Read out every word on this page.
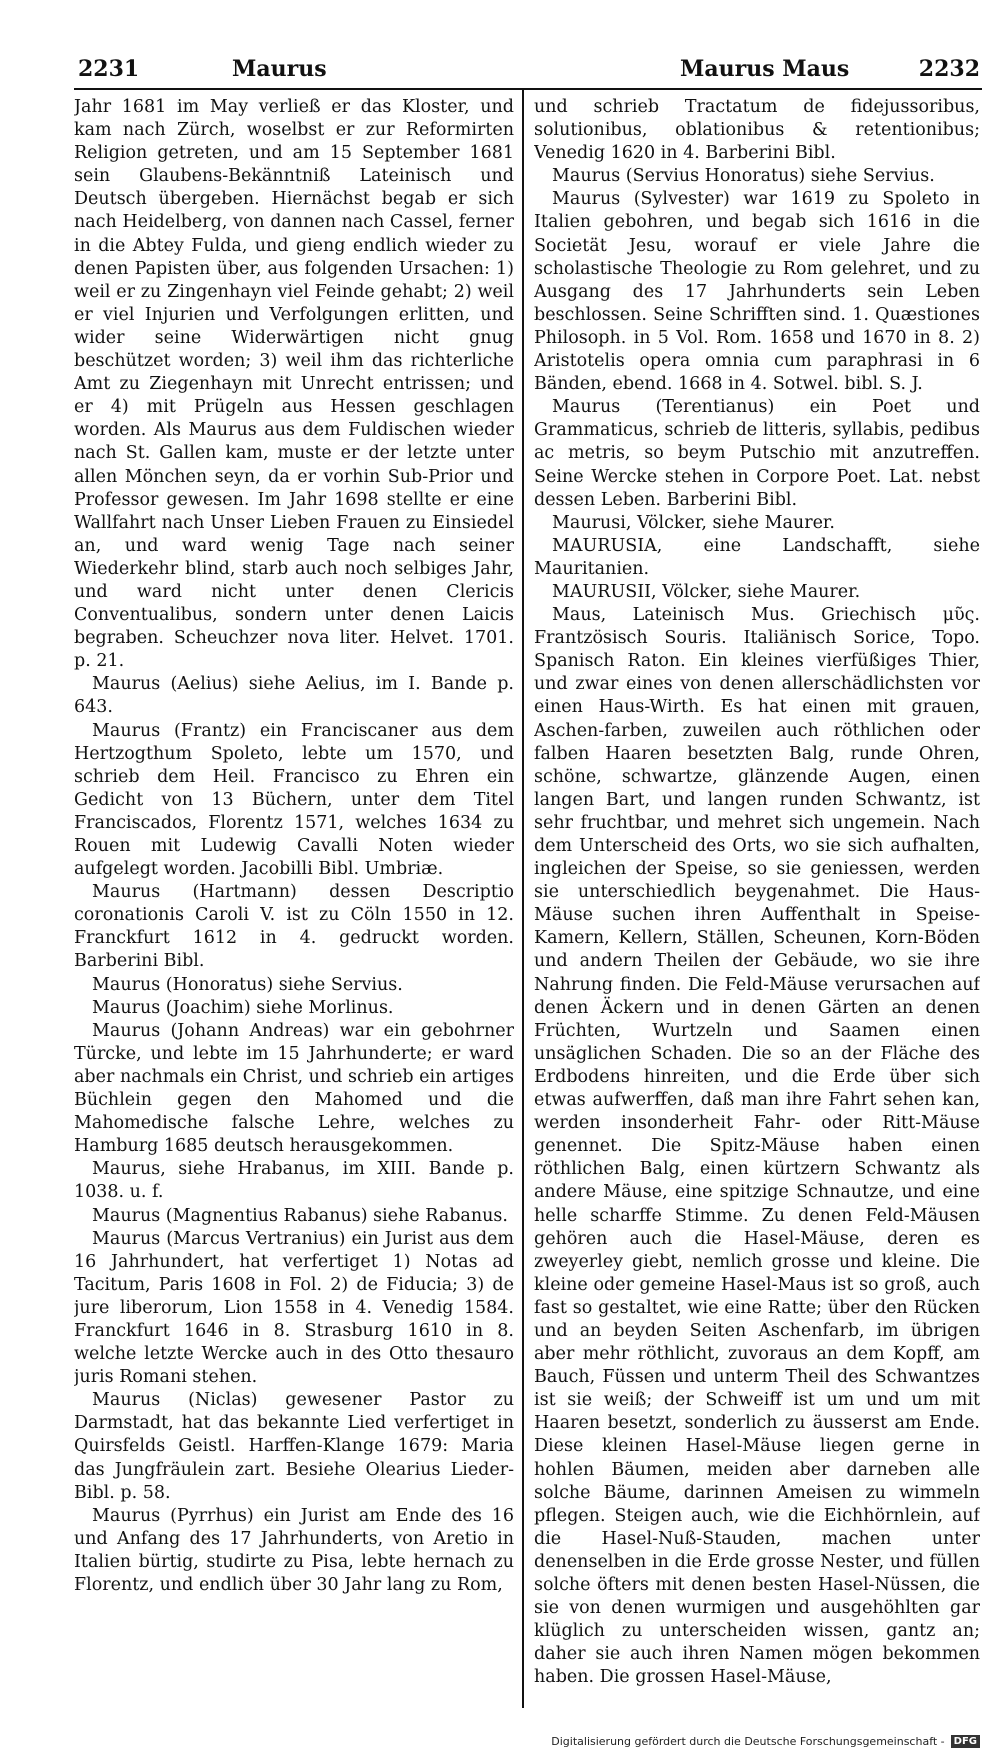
2231	Maurus	Maurus Maus	2232

Jahr 1681 im May verließ er das Kloster, und kam nach Zürch, woselbst er zur Reformirten Religion getreten, und am 15 September 1681 sein Glaubens-Bekänntniß Lateinisch und Deutsch übergeben. Hiernächst begab er sich nach Heidelberg, von dannen nach Cassel, ferner in die Abtey Fulda, und gieng endlich wieder zu denen Papisten über, aus folgenden Ursachen: 1) weil er zu Zingenhayn viel Feinde gehabt; 2) weil er viel Injurien und Verfolgungen erlitten, und wider seine Widerwärtigen nicht gnug beschützet worden; 3) weil ihm das richterliche Amt zu Ziegenhayn mit Unrecht entrissen; und er 4) mit Prügeln aus Hessen geschlagen worden. Als Maurus aus dem Fuldischen wieder nach St. Gallen kam, muste er der letzte unter allen Mönchen seyn, da er vorhin Sub-Prior und Professor gewesen. Im Jahr 1698 stellte er eine Wallfahrt nach Unser Lieben Frauen zu Einsiedel an, und ward wenig Tage nach seiner Wiederkehr blind, starb auch noch selbiges Jahr, und ward nicht unter denen Clericis Conventualibus, sondern unter denen Laicis begraben. Scheuchzer nova liter. Helvet. 1701. p. 21.

Maurus (Aelius) siehe Aelius, im I. Bande p. 643.

Maurus (Frantz) ein Franciscaner aus dem Hertzogthum Spoleto, lebte um 1570, und schrieb dem Heil. Francisco zu Ehren ein Gedicht von 13 Büchern, unter dem Titel Franciscados, Florentz 1571, welches 1634 zu Rouen mit Ludewig Cavalli Noten wieder aufgelegt worden. Jacobilli Bibl. Umbriæ.

Maurus (Hartmann) dessen Descriptio coronationis Caroli V. ist zu Cöln 1550 in 12. Franckfurt 1612 in 4. gedruckt worden. Barberini Bibl.

Maurus (Honoratus) siehe Servius.

Maurus (Joachim) siehe Morlinus.

Maurus (Johann Andreas) war ein gebohrner Türcke, und lebte im 15 Jahrhunderte; er ward aber nachmals ein Christ, und schrieb ein artiges Büchlein gegen den Mahomed und die Mahomedische falsche Lehre, welches zu Hamburg 1685 deutsch herausgekommen.

Maurus, siehe Hrabanus, im XIII. Bande p. 1038. u. f.

Maurus (Magnentius Rabanus) siehe Rabanus.

Maurus (Marcus Vertranius) ein Jurist aus dem 16 Jahrhundert, hat verfertiget 1) Notas ad Tacitum, Paris 1608 in Fol. 2) de Fiducia; 3) de jure liberorum, Lion 1558 in 4. Venedig 1584. Franckfurt 1646 in 8. Strasburg 1610 in 8. welche letzte Wercke auch in des Otto thesauro juris Romani stehen.

Maurus (Niclas) gewesener Pastor zu Darmstadt, hat das bekannte Lied verfertiget in Quirsfelds Geistl. Harffen-Klange 1679: Maria das Jungfräulein zart. Besiehe Olearius Lieder-Bibl. p. 58.

Maurus (Pyrrhus) ein Jurist am Ende des 16 und Anfang des 17 Jahrhunderts, von Aretio in Italien bürtig, studirte zu Pisa, lebte hernach zu Florentz, und endlich über 30 Jahr lang zu Rom,

und schrieb Tractatum de fidejussoribus, solutionibus, oblationibus & retentionibus; Venedig 1620 in 4. Barberini Bibl.

Maurus (Servius Honoratus) siehe Servius.

Maurus (Sylvester) war 1619 zu Spoleto in Italien gebohren, und begab sich 1616 in die Societät Jesu, worauf er viele Jahre die scholastische Theologie zu Rom gelehret, und zu Ausgang des 17 Jahrhunderts sein Leben beschlossen. Seine Schrifften sind. 1. Quæstiones Philosoph. in 5 Vol. Rom. 1658 und 1670 in 8. 2) Aristotelis opera omnia cum paraphrasi in 6 Bänden, ebend. 1668 in 4. Sotwel. bibl. S. J.

Maurus (Terentianus) ein Poet und Grammaticus, schrieb de litteris, syllabis, pedibus ac metris, so beym Putschio mit anzutreffen. Seine Wercke stehen in Corpore Poet. Lat. nebst dessen Leben. Barberini Bibl.

Maurusi, Völcker, siehe Maurer.

MAURUSIA, eine Landschafft, siehe Mauritanien.

MAURUSII, Völcker, siehe Maurer.

Maus, Lateinisch Mus. Griechisch μῦς. Frantzösisch Souris. Italiänisch Sorice, Topo. Spanisch Raton. Ein kleines vierfüßiges Thier, und zwar eines von denen allerschädlichsten vor einen Haus-Wirth. Es hat einen mit grauen, Aschen-farben, zuweilen auch röthlichen oder falben Haaren besetzten Balg, runde Ohren, schöne, schwartze, glänzende Augen, einen langen Bart, und langen runden Schwantz, ist sehr fruchtbar, und mehret sich ungemein. Nach dem Unterscheid des Orts, wo sie sich aufhalten, ingleichen der Speise, so sie geniessen, werden sie unterschiedlich beygenahmet. Die Haus-Mäuse suchen ihren Auffenthalt in Speise-Kamern, Kellern, Ställen, Scheunen, Korn-Böden und andern Theilen der Gebäude, wo sie ihre Nahrung finden. Die Feld-Mäuse verursachen auf denen Äckern und in denen Gärten an denen Früchten, Wurtzeln und Saamen einen unsäglichen Schaden. Die so an der Fläche des Erdbodens hinreiten, und die Erde über sich etwas aufwerffen, daß man ihre Fahrt sehen kan, werden insonderheit Fahr- oder Ritt-Mäuse genennet. Die Spitz-Mäuse haben einen röthlichen Balg, einen kürtzern Schwantz als andere Mäuse, eine spitzige Schnautze, und eine helle scharffe Stimme. Zu denen Feld-Mäusen gehören auch die Hasel-Mäuse, deren es zweyerley giebt, nemlich grosse und kleine. Die kleine oder gemeine Hasel-Maus ist so groß, auch fast so gestaltet, wie eine Ratte; über den Rücken und an beyden Seiten Aschenfarb, im übrigen aber mehr röthlicht, zuvoraus an dem Kopff, am Bauch, Füssen und unterm Theil des Schwantzes ist sie weiß; der Schweiff ist um und um mit Haaren besetzt, sonderlich zu äusserst am Ende. Diese kleinen Hasel-Mäuse liegen gerne in hohlen Bäumen, meiden aber darneben alle solche Bäume, darinnen Ameisen zu wimmeln pflegen. Steigen auch, wie die Eichhörnlein, auf die Hasel-Nuß-Stauden, machen unter denenselben in die Erde grosse Nester, und füllen solche öfters mit denen besten Hasel-Nüssen, die sie von denen wurmigen und ausgehöhlten gar klüglich zu unterscheiden wissen, gantz an; daher sie auch ihren Namen mögen bekommen haben. Die grossen Hasel-Mäuse,

Digitalisierung gefördert durch die Deutsche Forschungsgemeinschaft - DFG
